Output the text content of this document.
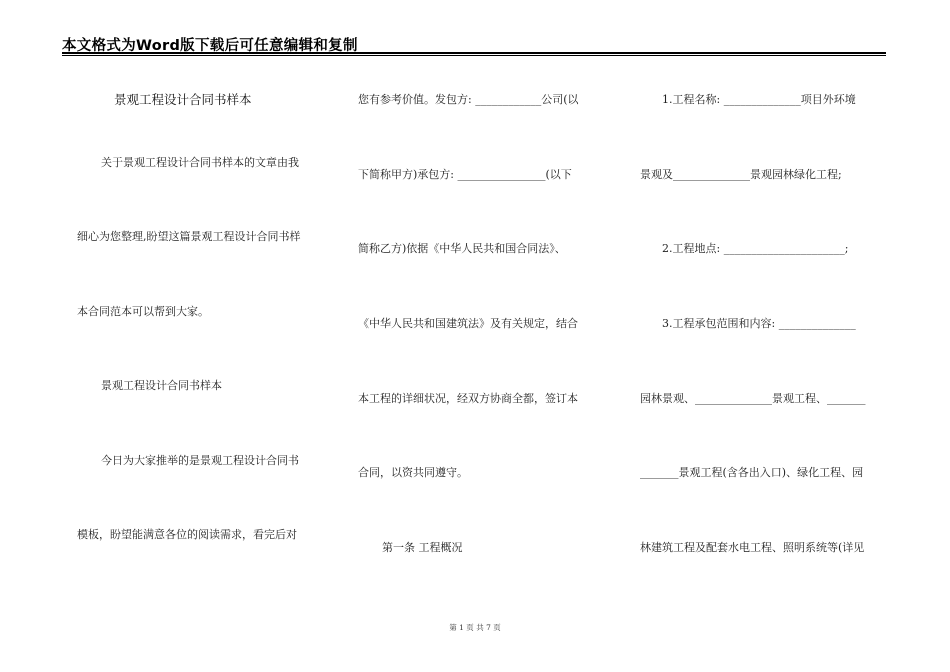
本文格式为Word版下载后可任意编辑和复制
景观工程设计合同书样本
关于景观工程设计合同书样本的文章由我
细心为您整理,盼望这篇景观工程设计合同书样
本合同范本可以帮到大家。
景观工程设计合同书样本
今日为大家推举的是景观工程设计合同书
模板，盼望能满意各位的阅读需求，看完后对
您有参考价值。发包方: ____________公司(以
下简称甲方)承包方: ________________(以下
简称乙方)依据《中华人民共和国合同法》、
《中华人民共和国建筑法》及有关规定，结合
本工程的详细状况，经双方协商全都，签订本
合同，以资共同遵守。
第一条 工程概况
1.工程名称: ______________项目外环境
景观及______________景观园林绿化工程;
2.工程地点: ______________________;
3.工程承包范围和内容: ______________
园林景观、______________景观工程、_______
_______景观工程(含各出入口)、绿化工程、园
林建筑工程及配套水电工程、照明系统等(详见
第 1 页 共 7 页
